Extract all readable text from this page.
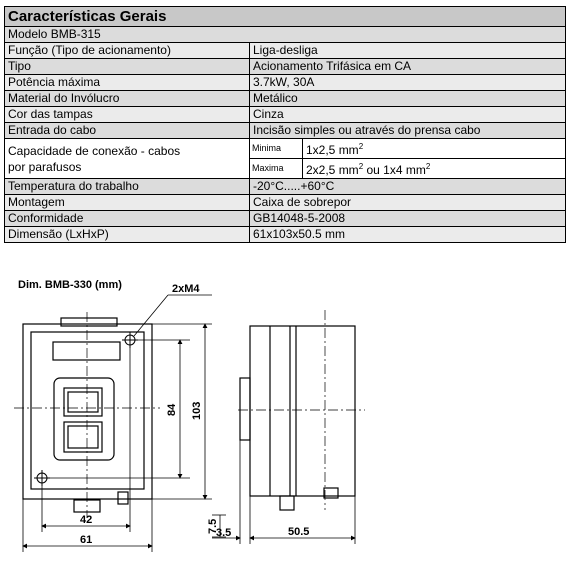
Características Gerais		
Modelo BMB-315		
Função (Tipo de acionamento)	Liga-desliga	
Tipo	Acionamento Trifásica em CA	
Potência máxima	3.7kW, 30A	
Material do Invólucro	Metálico	
Cor das tampas	Cinza	
Entrada do cabo	Incisão simples ou através do prensa cabo	
Capacidade de conexão - cabos
por parafusos	Minima	1x2,5 $mm^2$
	Maxima	2x2,5 $mm^2$ ou 1x4 $mm^2$
Temperatura do trabalho	-20°C.....+60°C	
Montagem	Caixa de sobrepor	
Conformidade	GB14048-5-2008	
Dimensão (LxHxP)	61x103x50.5 mm	
Dim. BMB-330 (mm)	2xM4
84 103
42
61
7.5
3.5	50.5
